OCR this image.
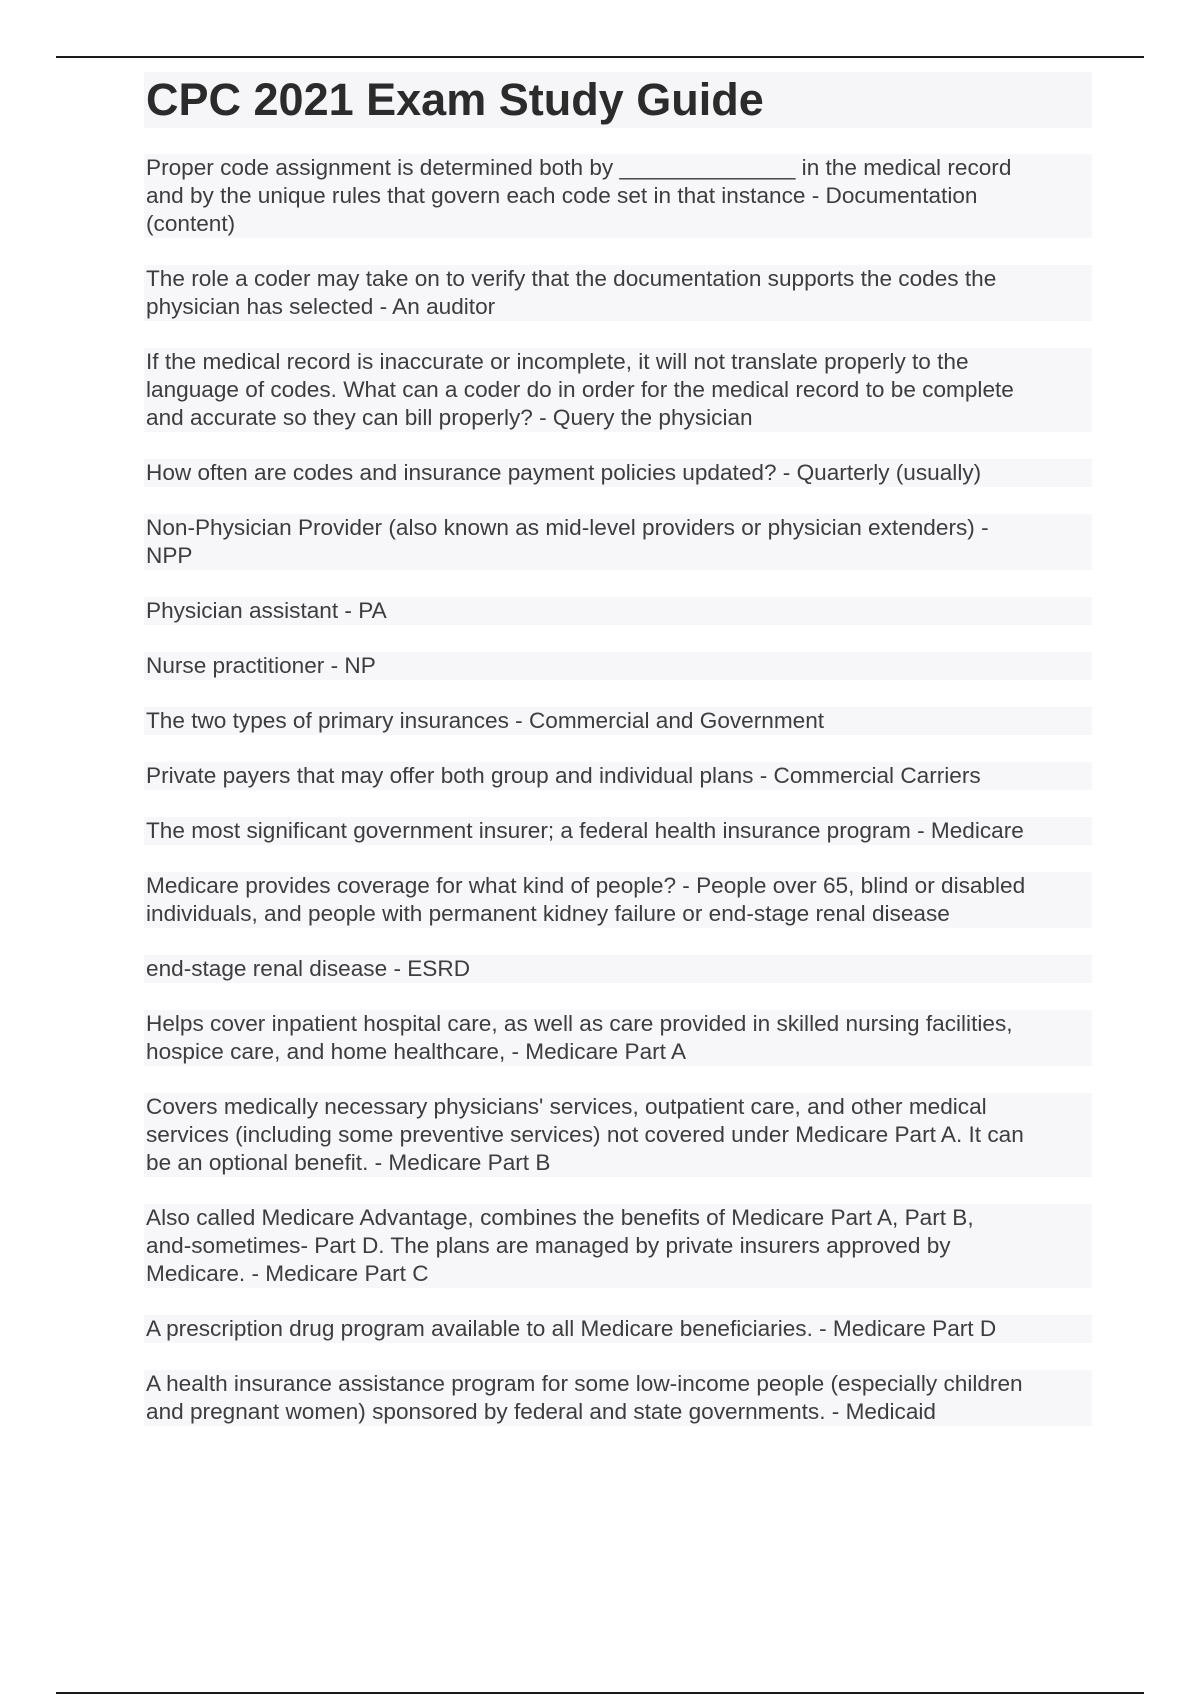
CPC 2021 Exam Study Guide
Proper code assignment is determined both by ______________ in the medical record
and by the unique rules that govern each code set in that instance - Documentation
(content)
The role a coder may take on to verify that the documentation supports the codes the
physician has selected - An auditor
If the medical record is inaccurate or incomplete, it will not translate properly to the
language of codes. What can a coder do in order for the medical record to be complete
and accurate so they can bill properly? - Query the physician
How often are codes and insurance payment policies updated? - Quarterly (usually)
Non-Physician Provider (also known as mid-level providers or physician extenders) -
NPP
Physician assistant - PA
Nurse practitioner - NP
The two types of primary insurances - Commercial and Government
Private payers that may offer both group and individual plans - Commercial Carriers
The most significant government insurer; a federal health insurance program - Medicare
Medicare provides coverage for what kind of people? - People over 65, blind or disabled
individuals, and people with permanent kidney failure or end-stage renal disease
end-stage renal disease - ESRD
Helps cover inpatient hospital care, as well as care provided in skilled nursing facilities,
hospice care, and home healthcare, - Medicare Part A
Covers medically necessary physicians' services, outpatient care, and other medical
services (including some preventive services) not covered under Medicare Part A. It can
be an optional benefit. - Medicare Part B
Also called Medicare Advantage, combines the benefits of Medicare Part A, Part B,
and-sometimes- Part D. The plans are managed by private insurers approved by
Medicare. - Medicare Part C
A prescription drug program available to all Medicare beneficiaries. - Medicare Part D
A health insurance assistance program for some low-income people (especially children
and pregnant women) sponsored by federal and state governments. - Medicaid
